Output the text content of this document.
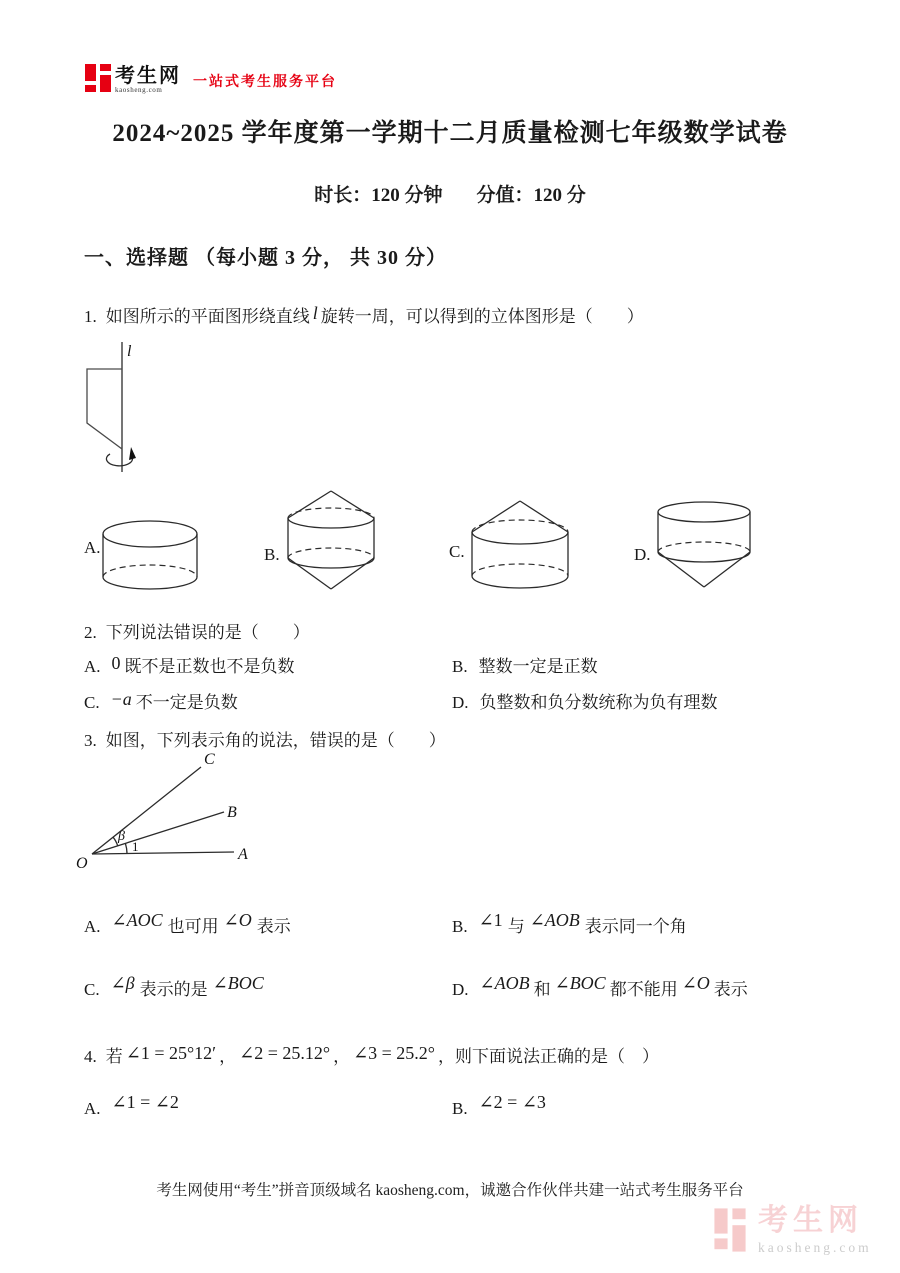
考生网
kaosheng.com	一站式考生服务平台
2024~2025 学年度第一学期十二月质量检测七年级数学试卷
时长：120 分钟 分值：120 分
一、选择题 （每小题 3 分， 共 30 分）
1. 如图所示的平面图形绕直线 l 旋转一周，可以得到的立体图形是（　　）
l
A.	B.	C.	D.
2. 下列说法错误的是（　　）
A. 0 既不是正数也不是负数	B. 整数一定是正数
C. −a 不一定是负数	D. 负整数和负分数统称为负有理数
3. 如图，下列表示角的说法，错误的是（　　）
O
A
B
C
β
1
A. ∠AOC 也可用 ∠O 表示	B. ∠1 与 ∠AOB 表示同一个角
C. ∠β 表示的是 ∠BOC	D. ∠AOB 和 ∠BOC 都不能用 ∠O 表示
4. 若 ∠1 = 25°12′ ， ∠2 = 25.12° ， ∠3 = 25.2° ，则下面说法正确的是（　）
A. ∠1 = ∠2	B. ∠2 = ∠3
考生网使用“考生”拼音顶级域名 kaosheng.com，诚邀合作伙伴共建一站式考生服务平台
考生网
kaosheng.com
